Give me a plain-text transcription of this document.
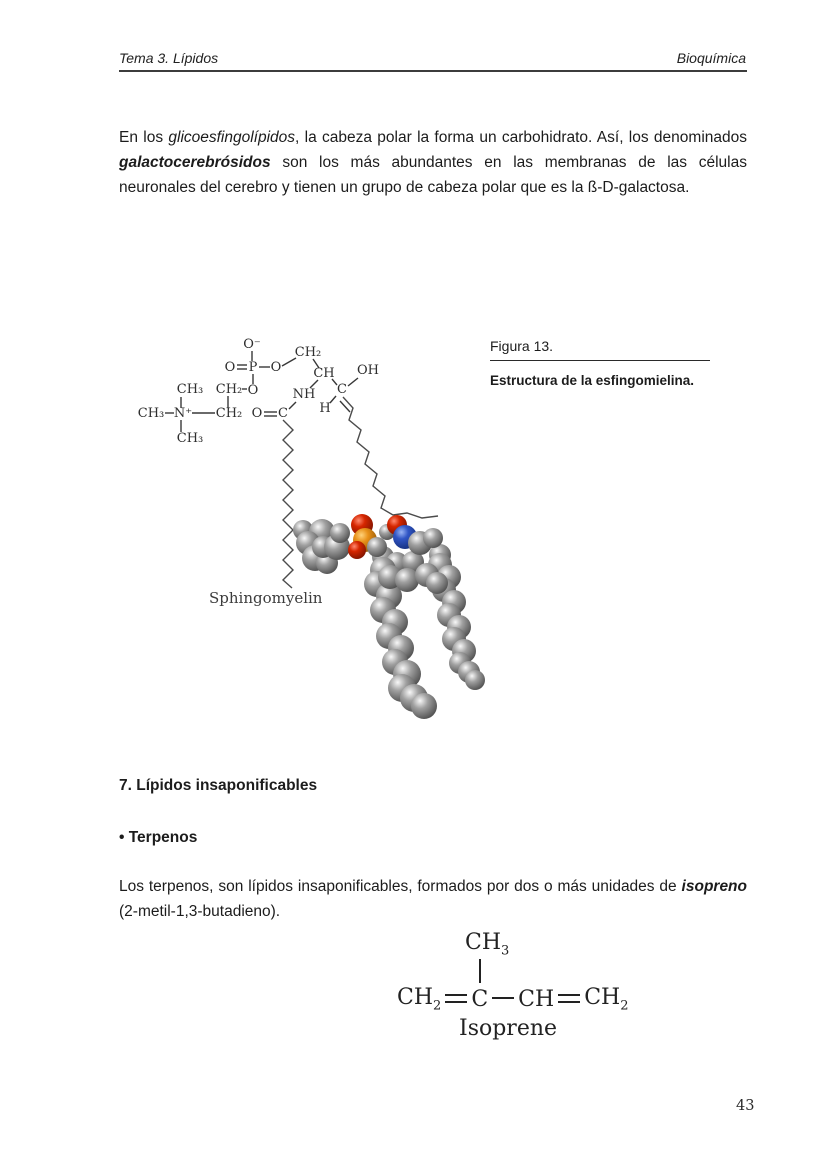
Tema 3. Lípidos	Bioquímica

En los glicoesfingolípidos, la cabeza polar la forma un carbohidrato. Así, los denominados galactocerebrósidos son los más abundantes en las membranas de las células neuronales del cerebro y tienen un grupo de cabeza polar que es la ß-D-galactosa.

O⁻
O P O
CH₂
CH OH
C
H
NH
C
O
CH₃ CH₂ O
CH₃ N⁺ CH₂
CH₃
Sphingomyelin
Figura 13.
Estructura de la esfingomielina.
7. Lípidos insaponificables
• Terpenos

Los terpenos, son lípidos insaponificables, formados por dos o más unidades de isopreno (2-metil-1,3-butadieno).

$CH_3$
$CH_2$ C CH $CH_2$
Isoprene
43
